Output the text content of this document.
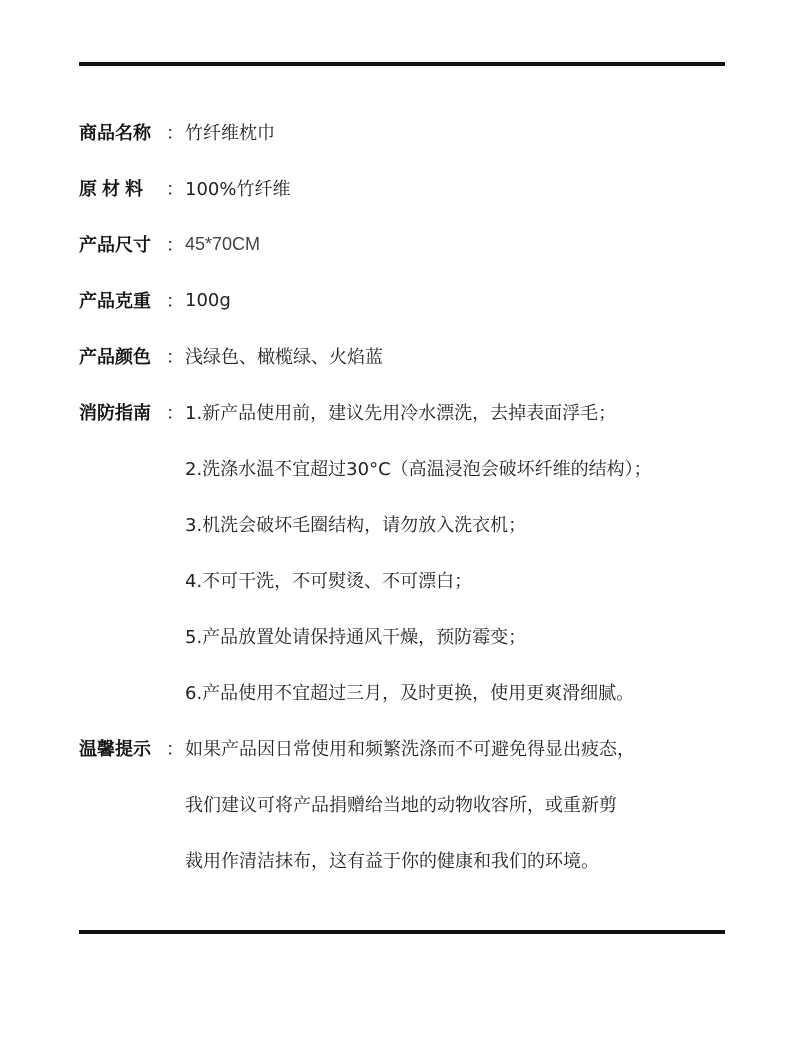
商品名称 ： 竹纤维枕巾
原材料	： 100%竹纤维
产品尺寸 ： 45*70CM
产品克重 ： 100g
产品颜色 ： 浅绿色、橄榄绿、火焰蓝
消防指南 ： 1.新产品使用前，建议先用冷水漂洗，去掉表面浮毛；
2.洗涤水温不宜超过30°C（高温浸泡会破坏纤维的结构）；
3.机洗会破坏毛圈结构，请勿放入洗衣机；
4.不可干洗，不可熨烫、不可漂白；
5.产品放置处请保持通风干燥，预防霉变；
6.产品使用不宜超过三月，及时更换，使用更爽滑细腻。
温馨提示 ： 如果产品因日常使用和频繁洗涤而不可避免得显出疲态，
我们建议可将产品捐赠给当地的动物收容所，或重新剪
裁用作清洁抹布，这有益于你的健康和我们的环境。
